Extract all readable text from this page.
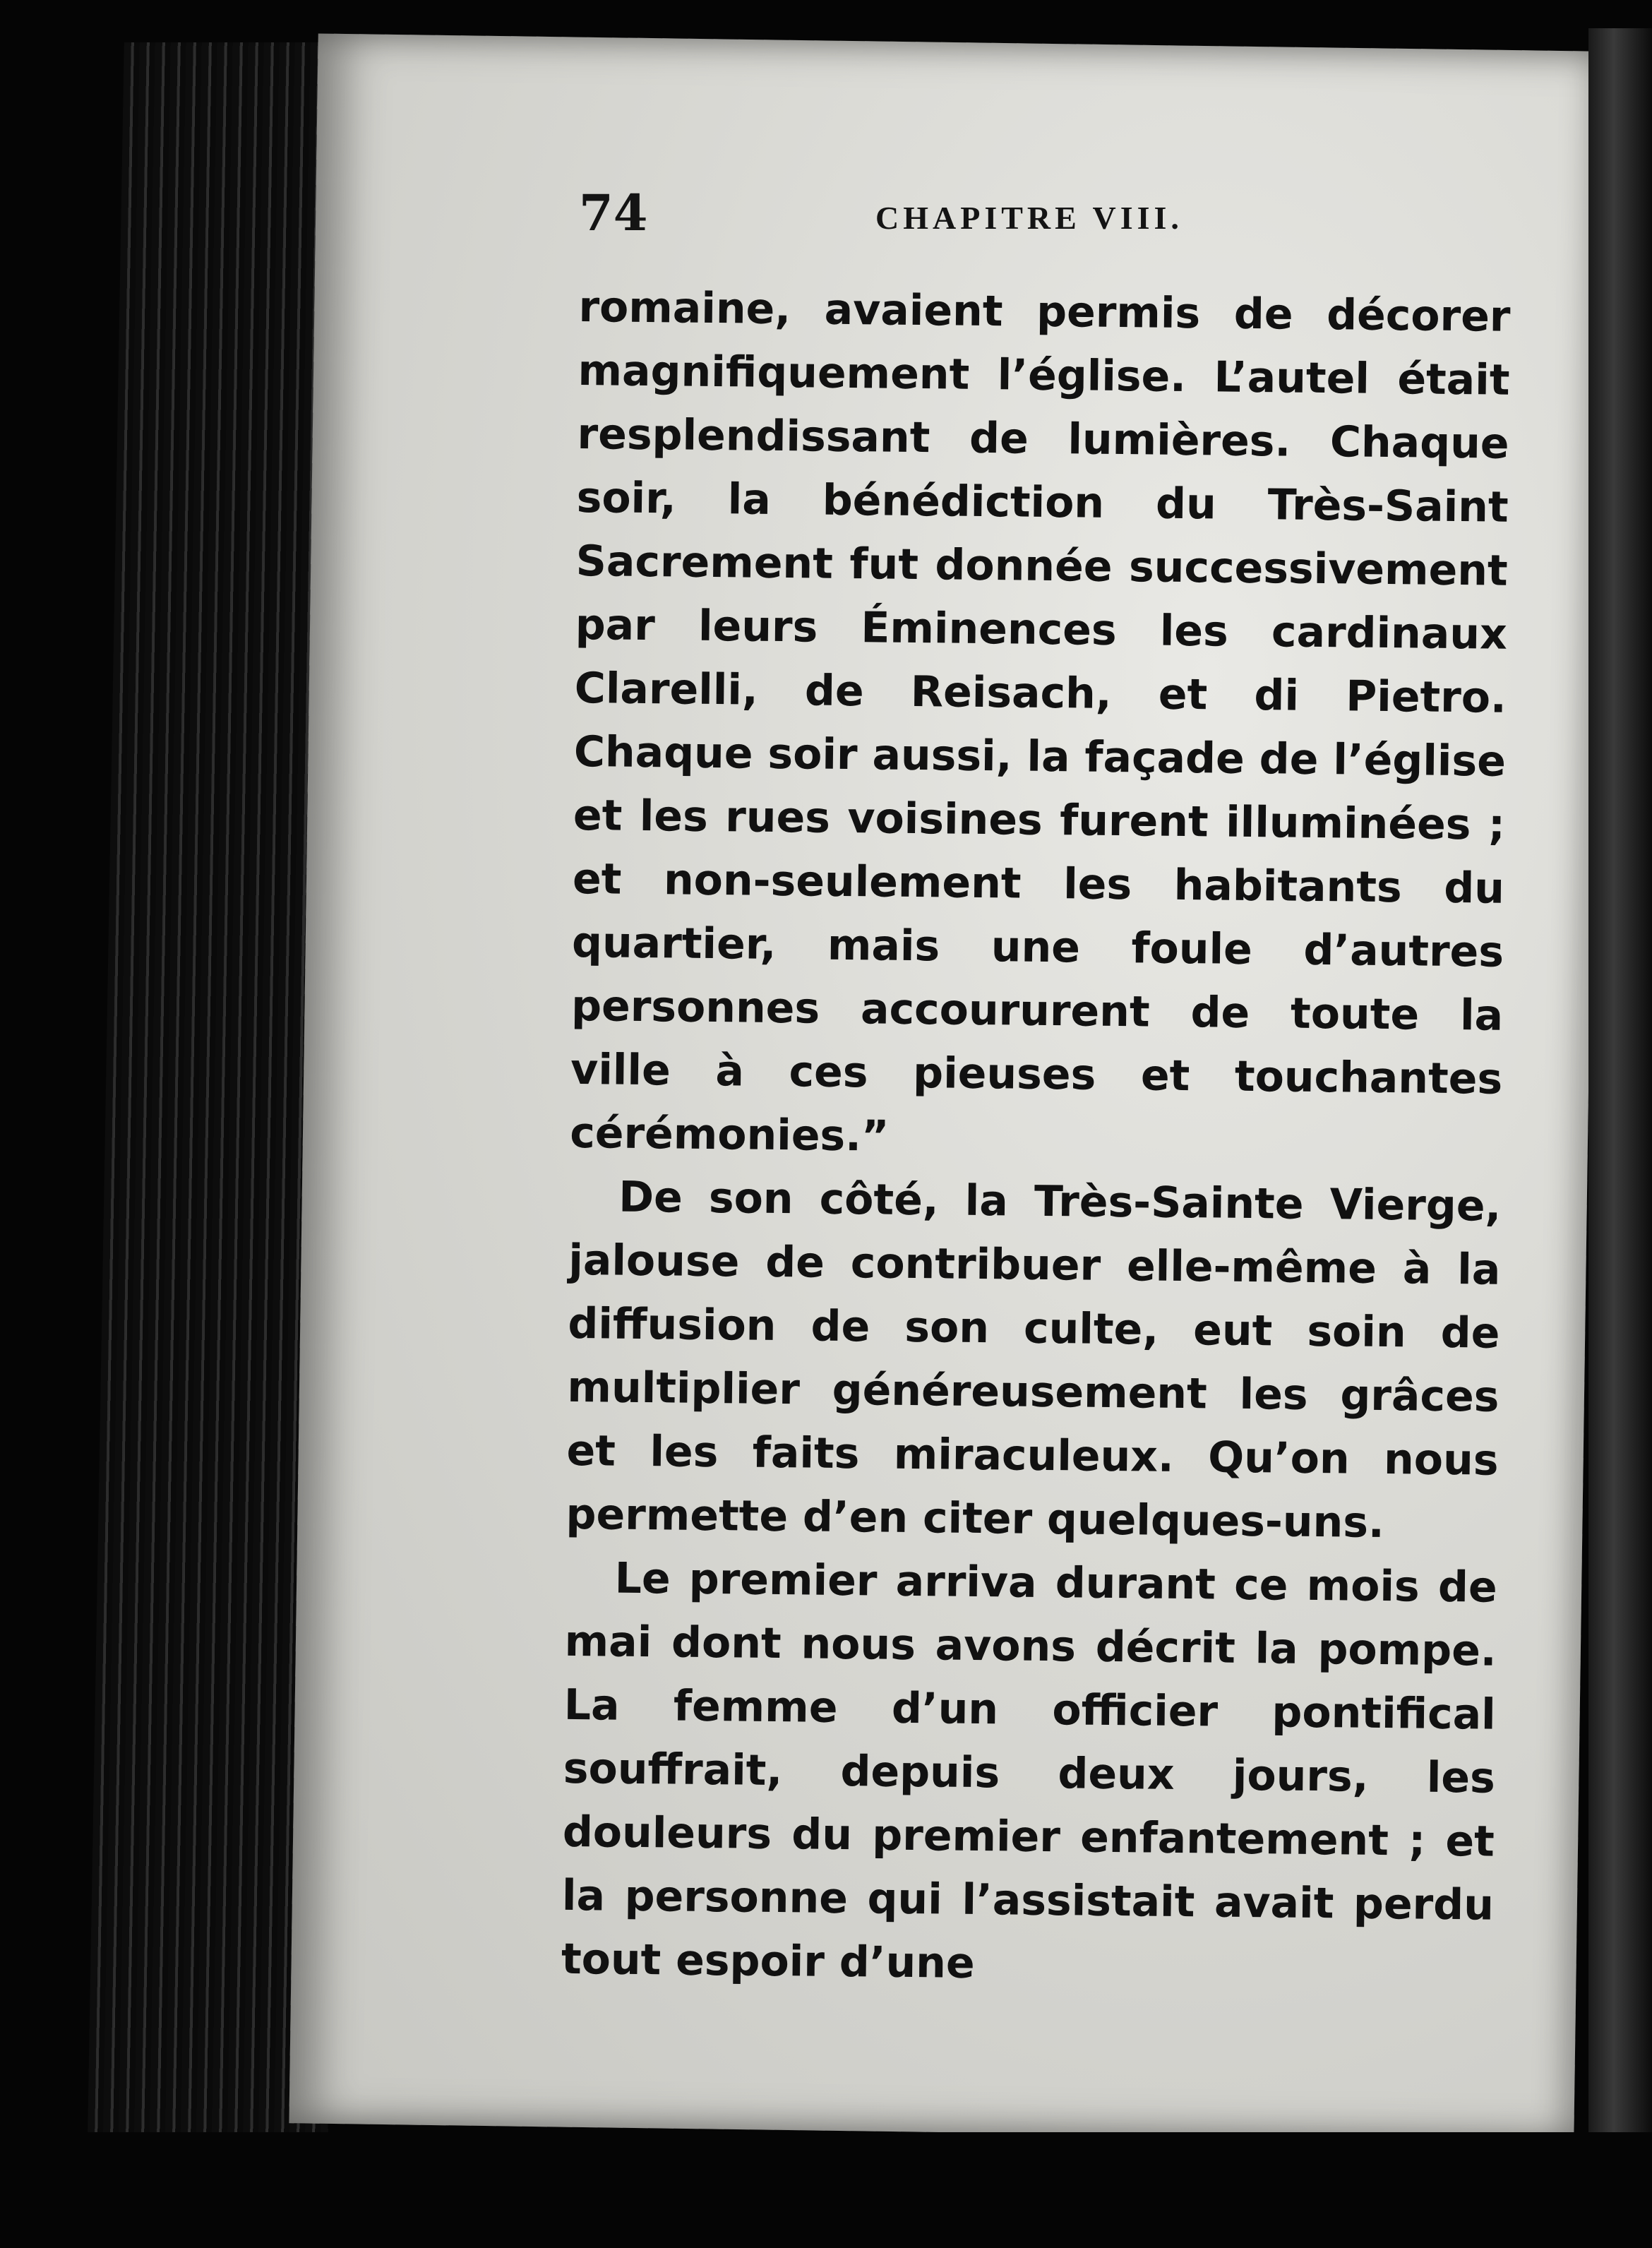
74	CHAPITRE VIII.

romaine, avaient permis de décorer magnifiquement l’église. L’autel était resplendissant de lumières. Chaque soir, la bénédiction du Très-Saint Sacrement fut donnée successivement par leurs Éminences les cardinaux Clarelli, de Reisach, et di Pietro. Chaque soir aussi, la façade de l’église et les rues voisines furent illuminées ; et non-seulement les habitants du quartier, mais une foule d’autres personnes accoururent de toute la ville à ces pieuses et touchantes cérémonies.”

De son côté, la Très-Sainte Vierge, jalouse de contribuer elle-même à la diffusion de son culte, eut soin de multiplier généreusement les grâces et les faits miraculeux. Qu’on nous permette d’en citer quelques-uns.

Le premier arriva durant ce mois de mai dont nous avons décrit la pompe. La femme d’un officier pontifical souffrait, depuis deux jours, les douleurs du premier enfantement ; et la personne qui l’assistait avait perdu tout espoir d’une
